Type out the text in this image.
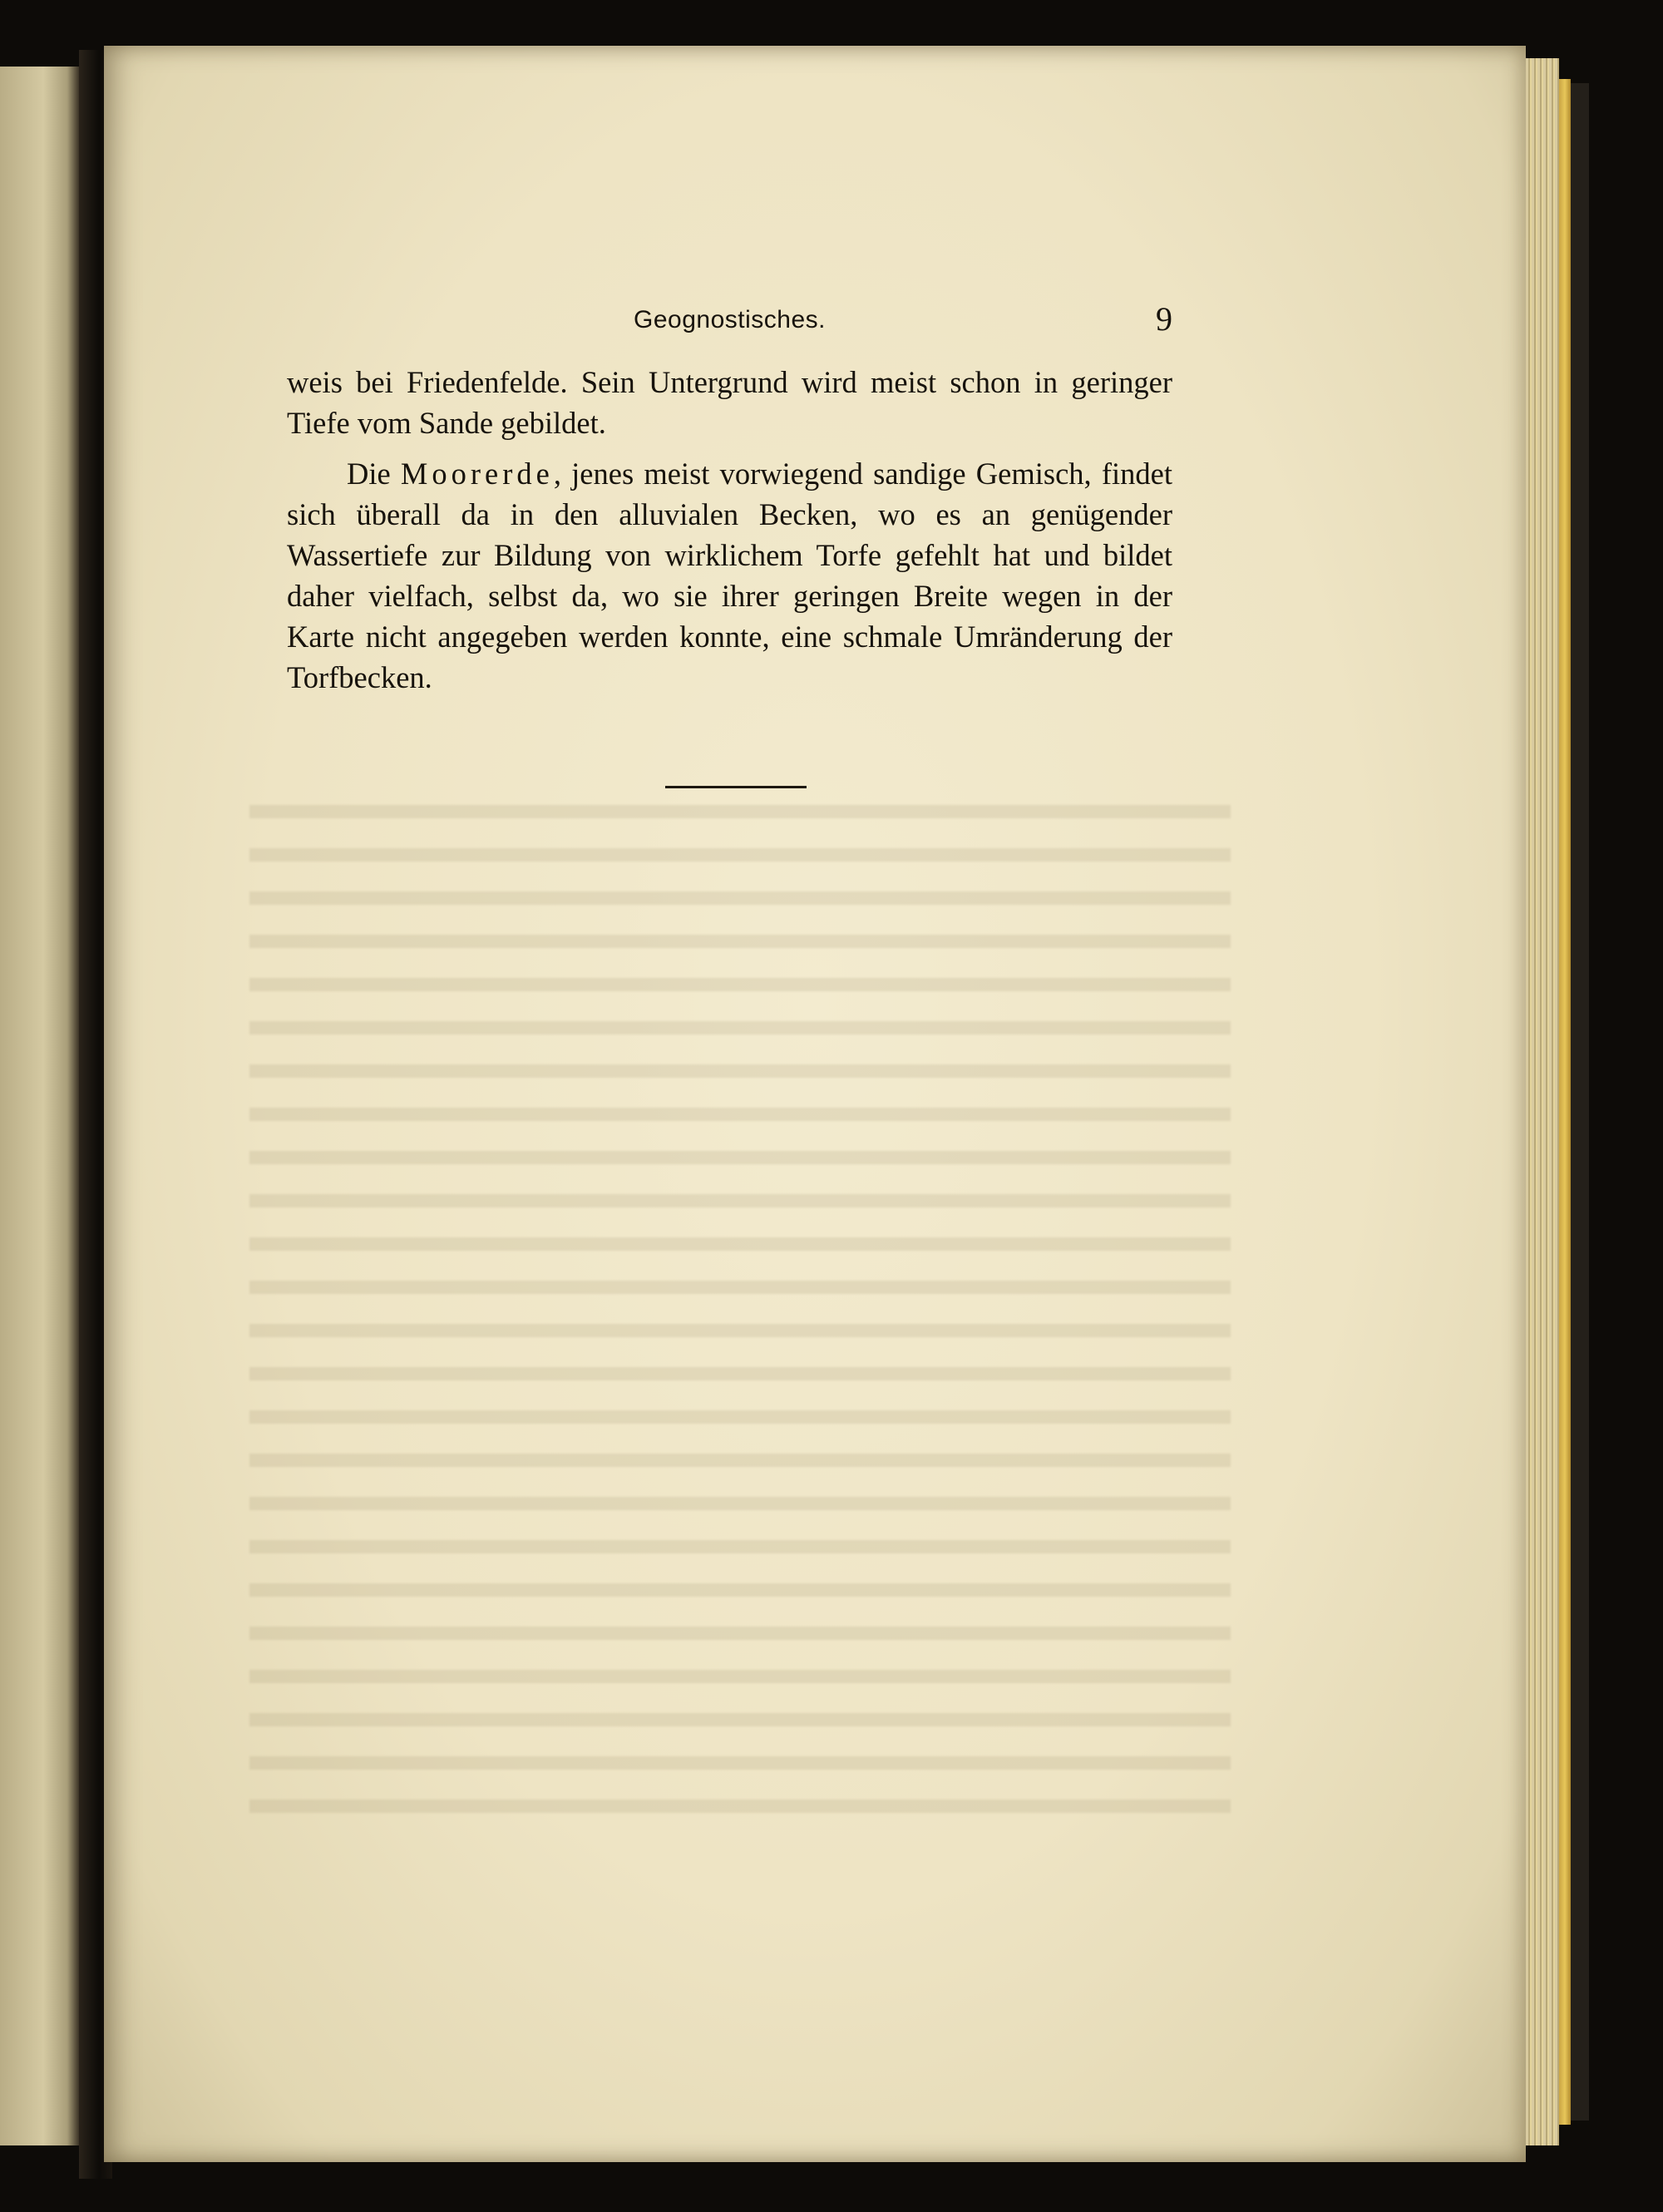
Geognostisches.	9

weis bei Friedenfelde. Sein Untergrund wird meist schon in geringer Tiefe vom Sande gebildet.

Die Moorerde, jenes meist vorwiegend sandige Gemisch, findet sich überall da in den alluvialen Becken, wo es an genügender Wassertiefe zur Bildung von wirklichem Torfe gefehlt hat und bildet daher vielfach, selbst da, wo sie ihrer geringen Breite wegen in der Karte nicht angegeben werden konnte, eine schmale Umränderung der Torfbecken.
